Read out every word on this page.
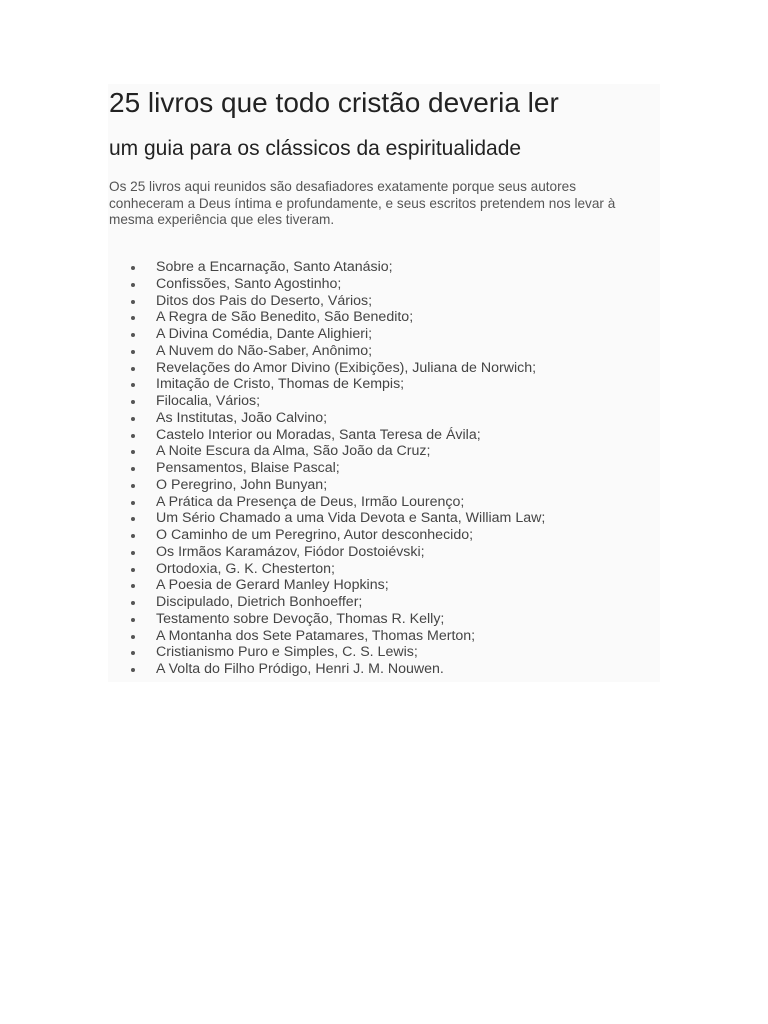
25 livros que todo cristão deveria ler
um guia para os clássicos da espiritualidade

Os 25 livros aqui reunidos são desafiadores exatamente porque seus autores conheceram a Deus íntima e profundamente, e seus escritos pretendem nos levar à mesma experiência que eles tiveram.

Sobre a Encarnação, Santo Atanásio;
Confissões, Santo Agostinho;
Ditos dos Pais do Deserto, Vários;
A Regra de São Benedito, São Benedito;
A Divina Comédia, Dante Alighieri;
A Nuvem do Não-Saber, Anônimo;
Revelações do Amor Divino (Exibições), Juliana de Norwich;
Imitação de Cristo, Thomas de Kempis;
Filocalia, Vários;
As Institutas, João Calvino;
Castelo Interior ou Moradas, Santa Teresa de Ávila;
A Noite Escura da Alma, São João da Cruz;
Pensamentos, Blaise Pascal;
O Peregrino, John Bunyan;
A Prática da Presença de Deus, Irmão Lourenço;
Um Sério Chamado a uma Vida Devota e Santa, William Law;
O Caminho de um Peregrino, Autor desconhecido;
Os Irmãos Karamázov, Fiódor Dostoiévski;
Ortodoxia, G. K. Chesterton;
A Poesia de Gerard Manley Hopkins;
Discipulado, Dietrich Bonhoeffer;
Testamento sobre Devoção, Thomas R. Kelly;
A Montanha dos Sete Patamares, Thomas Merton;
Cristianismo Puro e Simples, C. S. Lewis;
A Volta do Filho Pródigo, Henri J. M. Nouwen.
